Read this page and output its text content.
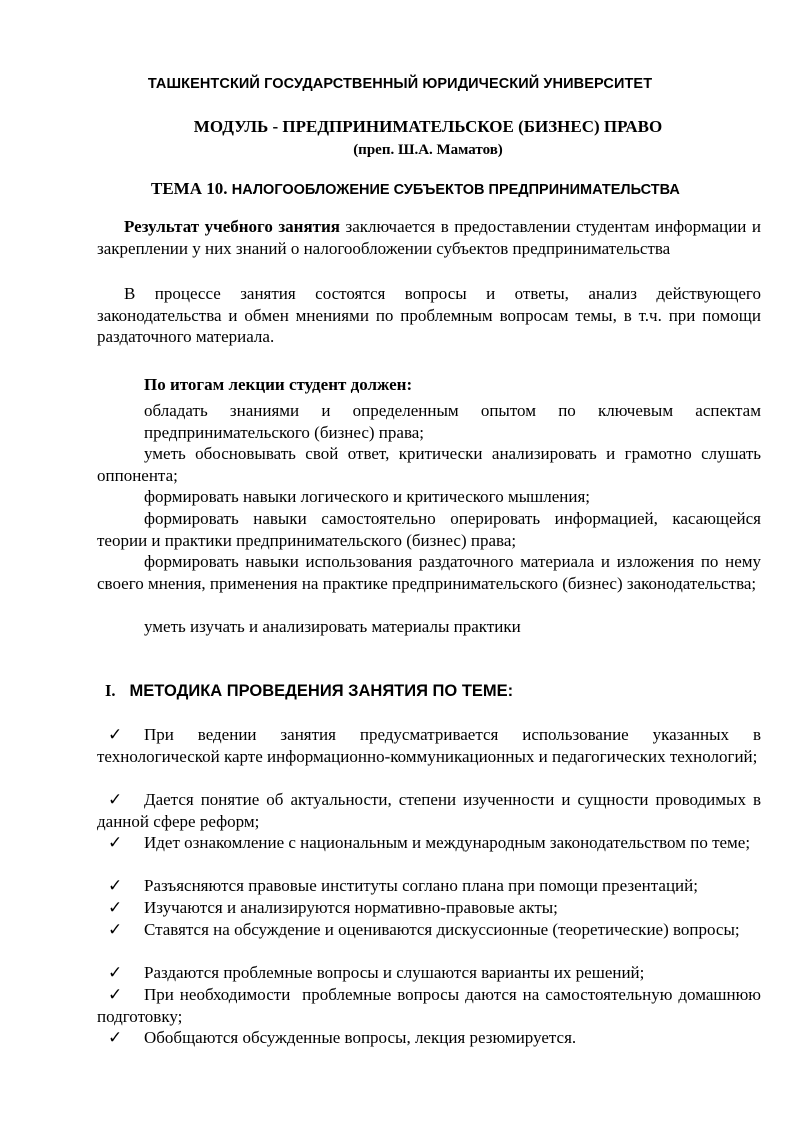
ТАШКЕНТСКИЙ ГОСУДАРСТВЕННЫЙ ЮРИДИЧЕСКИЙ УНИВЕРСИТЕТ
МОДУЛЬ - ПРЕДПРИНИМАТЕЛЬСКОЕ (БИЗНЕС) ПРАВО
(преп. Ш.А. Маматов)
ТЕМА 10. НАЛОГООБЛОЖЕНИЕ СУБЪЕКТОВ ПРЕДПРИНИМАТЕЛЬСТВА
Результат учебного занятия заключается в предоставлении студентам информации и закреплении у них знаний о налогообложении субъектов предпринимательства
В процессе занятия состоятся вопросы и ответы, анализ действующего законодательства и обмен мнениями по проблемным вопросам темы, в т.ч. при помощи раздаточного материала.
По итогам лекции студент должен:
обладать знаниями и определенным опытом по ключевым аспектам предпринимательского (бизнес) права;
уметь обосновывать свой ответ, критически анализировать и грамотно слушать оппонента;
формировать навыки логического и критического мышления;
формировать навыки самостоятельно оперировать информацией, касающейся теории и практики предпринимательского (бизнес) права;
формировать навыки использования раздаточного материала и изложения по нему своего мнения, применения на практике предпринимательского (бизнес) законодательства;
уметь изучать и анализировать материалы практики
I. МЕТОДИКА ПРОВЕДЕНИЯ ЗАНЯТИЯ ПО ТЕМЕ:
✓	При ведении занятия предусматривается использование указанных в технологической карте информационно-коммуникационных и педагогических технологий;
✓	Дается понятие об актуальности, степени изученности и сущности проводимых в данной сфере реформ;
✓	Идет ознакомление с национальным и международным законодательством по теме;
✓	Разъясняются правовые институты соглано плана при помощи презентаций;
✓	Изучаются и анализируются нормативно-правовые акты;
✓	Ставятся на обсуждение и оцениваются дискуссионные (теоретические) вопросы;
✓	Раздаются проблемные вопросы и слушаются варианты их решений;
✓	При необходимости  проблемные вопросы даются на самостоятельную домашнюю подготовку;
✓	Обобщаются обсужденные вопросы, лекция резюмируется.
